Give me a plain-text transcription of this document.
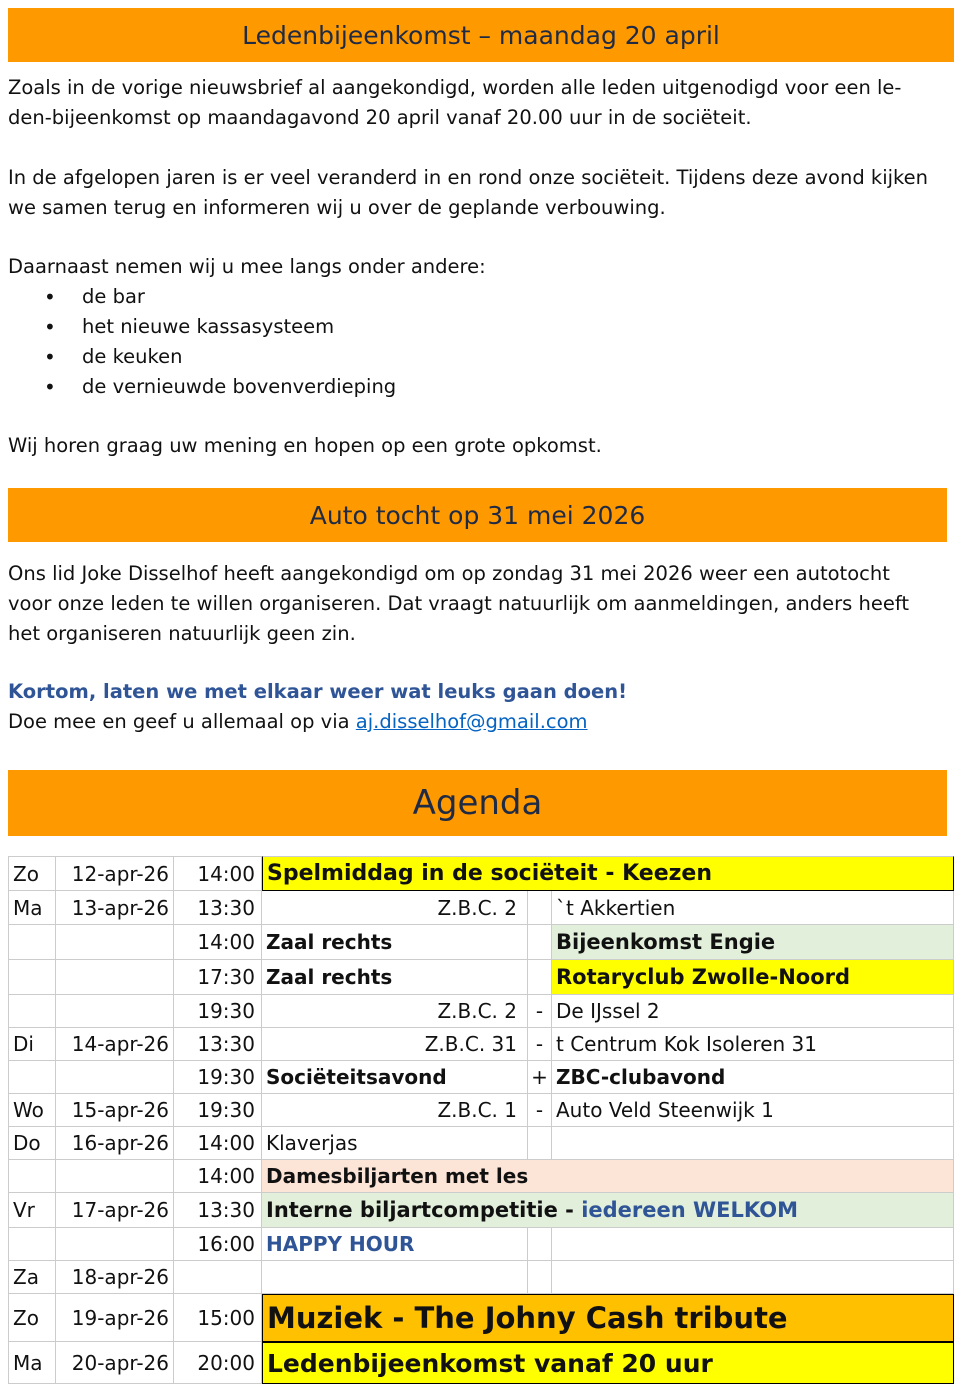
Ledenbijeenkomst – maandag 20 april

Zoals in de vorige nieuwsbrief al aangekondigd, worden alle leden uitgenodigd voor een le-
den-bijeenkomst op maandagavond 20 april vanaf 20.00 uur in de sociëteit.

In de afgelopen jaren is er veel veranderd in en rond onze sociëteit. Tijdens deze avond kijken
we samen terug en informeren wij u over de geplande verbouwing.

Daarnaast nemen wij u mee langs onder andere:

• de bar
• het nieuwe kassasysteem
• de keuken
• de vernieuwde bovenverdieping

Wij horen graag uw mening en hopen op een grote opkomst.

Auto tocht op 31 mei 2026

Ons lid Joke Disselhof heeft aangekondigd om op zondag 31 mei 2026 weer een autotocht
voor onze leden te willen organiseren. Dat vraagt natuurlijk om aanmeldingen, anders heeft
het organiseren natuurlijk geen zin.

Kortom, laten we met elkaar weer wat leuks gaan doen!
Doe mee en geef u allemaal op via aj.disselhof@gmail.com

Agenda
Zo	12-apr-26	14:00 Spelmiddag in de sociëteit - Keezen
Ma	13-apr-26	13:30	Z.B.C. 2	`t Akkertien
14:00 Zaal rechts	Bijeenkomst Engie
17:30 Zaal rechts	Rotaryclub Zwolle-Noord
19:30	Z.B.C. 2 - De IJssel 2
Di	14-apr-26	13:30	Z.B.C. 31 - t Centrum Kok Isoleren 31
19:30 Sociëteitsavond	+ ZBC-clubavond
Wo	15-apr-26	19:30	Z.B.C. 1 - Auto Veld Steenwijk 1
Do	16-apr-26	14:00 Klaverjas
14:00 Damesbiljarten met les
Vr	17-apr-26	13:30 Interne biljartcompetitie - iedereen WELKOM
16:00 HAPPY HOUR
Za	18-apr-26
Zo	19-apr-26	15:00 Muziek - The Johny Cash tribute
Ma	20-apr-26	20:00 Ledenbijeenkomst vanaf 20 uur
